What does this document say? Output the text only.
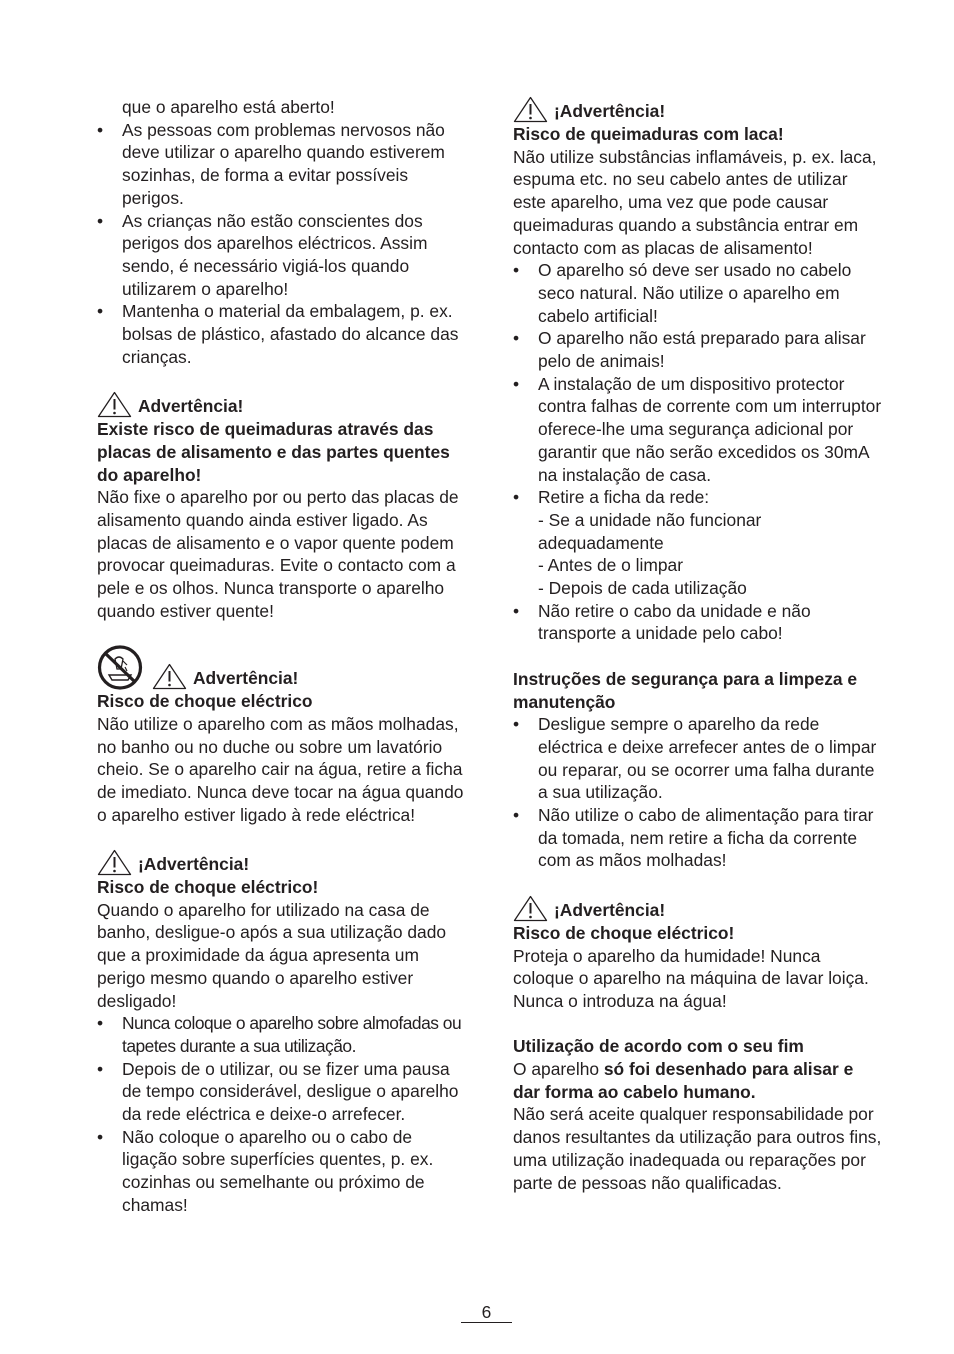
que o aparelho está aberto!

• As pessoas com problemas nervosos não deve utilizar o aparelho quando estiverem sozinhas, de forma a evitar possíveis perigos.
• As crianças não estão conscientes dos perigos dos aparelhos eléctricos. Assim sendo, é necessário vigiá-los quando utilizarem o aparelho!
• Mantenha o material da embalagem, p. ex. bolsas de plástico, afastado do alcance das crianças.
Advertência!

Existe risco de queimaduras através das placas de alisamento e das partes quentes do aparelho!

Não fixe o aparelho por ou perto das placas de alisamento quando ainda estiver ligado. As placas de alisamento e o vapor quente podem provocar queimaduras. Evite o contacto com a pele e os olhos. Nunca transporte o aparelho quando estiver quente!

Advertência!

Risco de choque eléctrico

Não utilize o aparelho com as mãos molhadas, no banho ou no duche ou sobre um lavatório cheio. Se o aparelho cair na água, retire a ficha de imediato. Nunca deve tocar na água quando o aparelho estiver ligado à rede eléctrica!

¡Advertência!

Risco de choque eléctrico!

Quando o aparelho for utilizado na casa de banho, desligue-o após a sua utilização dado que a proximidade da água apresenta um perigo mesmo quando o aparelho estiver desligado!

• Nunca coloque o aparelho sobre almofadas ou tapetes durante a sua utilização.
• Depois de o utilizar, ou se fizer uma pausa de tempo considerável, desligue o aparelho da rede eléctrica e deixe-o arrefecer.
• Não coloque o aparelho ou o cabo de ligação sobre superfícies quentes, p. ex. cozinhas ou semelhante ou próximo de chamas!
¡Advertência!

Risco de queimaduras com laca!

Não utilize substâncias inflamáveis, p. ex. laca, espuma etc. no seu cabelo antes de utilizar este aparelho, uma vez que pode causar queimaduras quando a substância entrar em contacto com as placas de alisamento!

• O aparelho só deve ser usado no cabelo seco natural. Não utilize o aparelho em cabelo artificial!
• O aparelho não está preparado para alisar pelo de animais!
• A instalação de um dispositivo protector contra falhas de corrente com um interruptor oferece-lhe uma segurança adicional por garantir que não serão excedidos os 30mA na instalação de casa.
• Retire a ficha da rede:
- Se a unidade não funcionar adequadamente
- Antes de o limpar
- Depois de cada utilização
• Não retire o cabo da unidade e não transporte a unidade pelo cabo!

Instruções de segurança para a limpeza e manutenção

• Desligue sempre o aparelho da rede eléctrica e deixe arrefecer antes de o limpar ou reparar, ou se ocorrer uma falha durante a sua utilização.
• Não utilize o cabo de alimentação para tirar da tomada, nem retire a ficha da corrente com as mãos molhadas!
¡Advertência!

Risco de choque eléctrico!

Proteja o aparelho da humidade! Nunca coloque o aparelho na máquina de lavar loiça. Nunca o introduza na água!

Utilização de acordo com o seu fim

O aparelho só foi desenhado para alisar e dar forma ao cabelo humano.

Não será aceite qualquer responsabilidade por danos resultantes da utilização para outros fins, uma utilização inadequada ou reparações por parte de pessoas não qualificadas.

6
